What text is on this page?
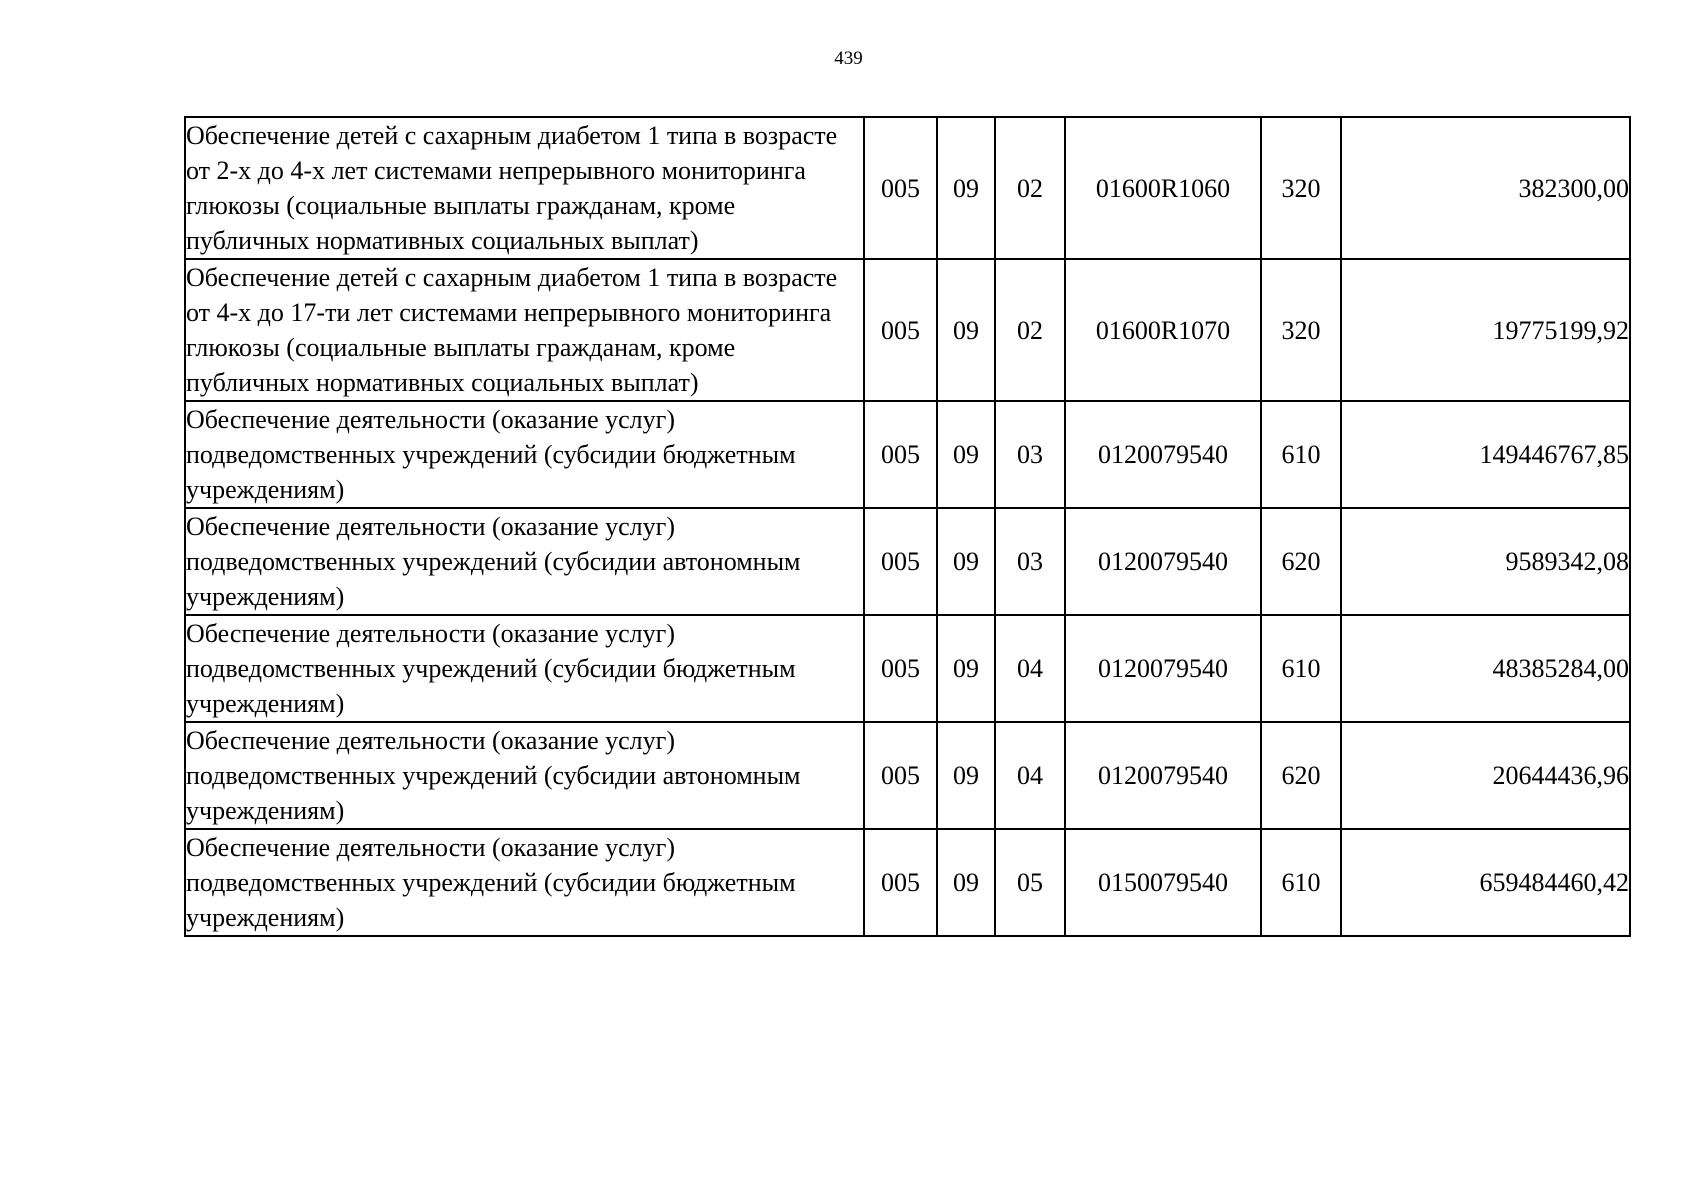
439
Обеспечение детей с сахарным диабетом 1 типа в возрасте от 2-х до 4-х лет системами непрерывного мониторинга глюкозы (социальные выплаты гражданам, кроме публичных нормативных социальных выплат)	005	09	02	01600R1060	320	382300,00
Обеспечение детей с сахарным диабетом 1 типа в возрасте от 4-х до 17-ти лет системами непрерывного мониторинга глюкозы (социальные выплаты гражданам, кроме публичных нормативных социальных выплат)	005	09	02	01600R1070	320	19775199,92
Обеспечение деятельности (оказание услуг) подведомственных учреждений (субсидии бюджетным учреждениям)	005	09	03	0120079540	610	149446767,85
Обеспечение деятельности (оказание услуг) подведомственных учреждений (субсидии автономным учреждениям)	005	09	03	0120079540	620	9589342,08
Обеспечение деятельности (оказание услуг) подведомственных учреждений (субсидии бюджетным учреждениям)	005	09	04	0120079540	610	48385284,00
Обеспечение деятельности (оказание услуг) подведомственных учреждений (субсидии автономным учреждениям)	005	09	04	0120079540	620	20644436,96
Обеспечение деятельности (оказание услуг) подведомственных учреждений (субсидии бюджетным учреждениям)	005	09	05	0150079540	610	659484460,42
